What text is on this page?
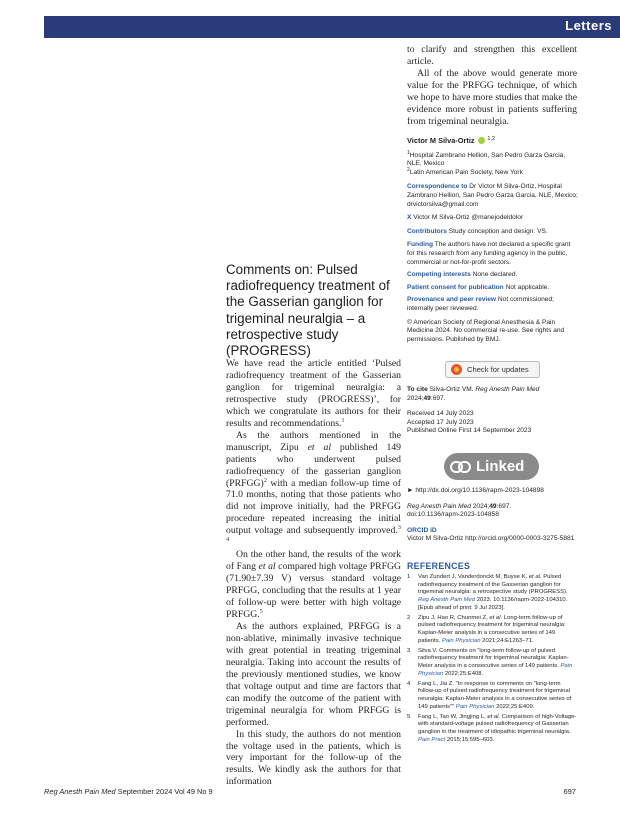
Letters

to clarify and strengthen this excellent article.

All of the above would generate more value for the PRFGG technique, of which we hope to have more studies that make the evidence more robust in patients suffering from trigeminal neuralgia.

Victor M Silva-Ortiz $^{1,2}$
$^1$Hospital Zambrano Hellion, San Pedro Garza Garcia, NLE, Mexico
$^2$Latin American Pain Society, New York
Correspondence to Dr Victor M Silva-Ortiz, Hospital Zambrano Hellion, San Pedro Garza Garcia, NLE, Mexico; drvictorsilva@gmail.com
X Victor M Silva-Ortiz @manejodeldolor
Contributors Study conception and design: VS.
Funding The authors have not declared a specific grant for this research from any funding agency in the public, commercial or not-for-profit sectors.
Competing interests None declared.
Patient consent for publication Not applicable.
Provenance and peer review Not commissioned; internally peer reviewed.
© American Society of Regional Anesthesia & Pain Medicine 2024. No commercial re-use. See rights and permissions. Published by BMJ.
Check for updates
To cite Silva-Ortiz VM. Reg Anesth Pain Med 2024;49:697.
Received 14 July 2023
Accepted 17 July 2023
Published Online First 14 September 2023
Linked
► http://dx.doi.org/10.1136/rapm-2023-104898
Reg Anesth Pain Med 2024;49:697.
doi:10.1136/rapm-2023-104858
ORCID iD
Victor M Silva-Ortiz http://orcid.org/0000-0003-3275-5881
REFERENCES
1 Van Zundert J, Vanderdonckt M, Buyse K, et al. Pulsed radiofrequency treatment of the Gasserian ganglion for trigeminal neuralgia: a retrospective study (PROGRESS). Reg Anesth Pain Med 2023. 10.1136/rapm-2022-104310. [Epub ahead of print: 9 Jul 2023].
2 Zipu J, Hao R, Chunmei Z, et al. Long-term follow-up of pulsed radiofrequency treatment for trigeminal neuralgia: Kaplan-Meier analysis in a consecutive series of 149 patients. Pain Physician 2021;24:E1263–71.
3 Silva V. Comments on “long-term follow-up of pulsed radiofrequency treatment for trigeminal neuralgia: Kaplan-Meier analysis in a consecutive series of 149 patients. Pain Physician 2022;25:E408.
4 Fang L, Jia Z. "In response to comments on “long-term follow-up of pulsed radiofrequency treatment for trigeminal neuralgia: Kaplan-Meier analysis in a consecutive series of 149 patients”" Pain Physician 2022;25:E409.
5 Fang L, Tao W, Jingjing L, et al. Comparison of high-Voltage- with standard-voltage pulsed radiofrequency of Gasserian ganglion in the treatment of idiopathic trigeminal neuralgia. Pain Pract 2015;15:595–603.
Comments on: Pulsed radiofrequency treatment of the Gasserian ganglion for trigeminal neuralgia – a retrospective study (PROGRESS)

We have read the article entitled ‘Pulsed radiofrequency treatment of the Gasserian ganglion for trigeminal neuralgia: a retrospective study (PROGRESS)’, for which we congratulate its authors for their results and recommendations.$^1$

As the authors mentioned in the manuscript, Zipu et al published 149 patients who underwent pulsed radiofrequency of the gasserian ganglion (PRFGG)$^2$ with a median follow-up time of 71.0 months, noting that those patients who did not improve initially, had the PRFGG procedure repeated increasing the initial output voltage and subsequently improved.$^{3 4}$

On the other hand, the results of the work of Fang et al compared high voltage PRFGG (71.90±7.39 V) versus standard voltage PRFGG, concluding that the results at 1 year of follow-up were better with high voltage PRFGG.$^5$

As the authors explained, PRFGG is a non-ablative, minimally invasive technique with great potential in treating trigeminal neuralgia. Taking into account the results of the previously mentioned studies, we know that voltage output and time are factors that can modify the outcome of the patient with trigeminal neuralgia for whom PRFGG is performed.

In this study, the authors do not mention the voltage used in the patients, which is very important for the follow-up of the results. We kindly ask the authors for that information

Reg Anesth Pain Med September 2024 Vol 49 No 9	697
